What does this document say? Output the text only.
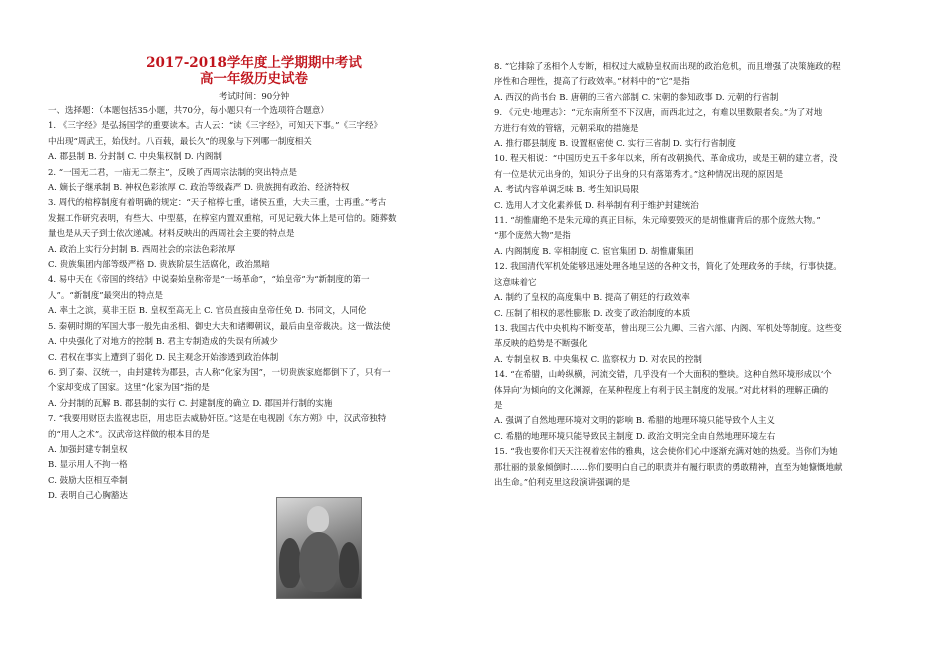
2017-2018学年度上学期期中考试
高一年级历史试卷
考试时间：90分钟

一、选择题：（本题包括35小题，共70分，每小题只有一个选项符合题意）

1. 《三字经》是弘扬国学的重要读本。古人云：“读《三字经》，可知天下事。”《三字经》

中出现“周武王，始伐纣。八百载，最长久”的现象与下列哪一制度相关

A. 郡县制 B. 分封制 C. 中央集权制 D. 内阁制

2. “一国无二君，一庙无二祭主”，反映了西周宗法制的突出特点是

A. 嫡长子继承制 B. 神权色彩浓厚 C. 政治等级森严 D. 贵族拥有政治、经济特权

3. 周代的棺椁制度有着明确的规定：“天子棺椁七重，诸侯五重，大夫三重，士再重。”考古

发掘工作研究表明，有些大、中型墓，在椁室内置双重棺，可见记载大体上是可信的。随葬数

量也是从天子到士依次递减。材料反映出的西周社会主要的特点是

A. 政治上实行分封制 B. 西周社会的宗法色彩浓厚

C. 贵族集团内部等级严格 D. 贵族阶层生活腐化，政治黑暗

4. 易中天在《帝国的终结》中说秦始皇称帝是“一场革命”，“始皇帝”为“新制度的第一

人”。“新制度”最突出的特点是

A. 率土之滨，莫非王臣 B. 皇权至高无上 C. 官员直接由皇帝任免 D. 书同文，人同伦

5. 秦朝时期的军国大事一般先由丞相、御史大夫和诸卿朝议，最后由皇帝裁决。这一做法使

A. 中央强化了对地方的控制 B. 君主专制造成的失误有所减少

C. 君权在事实上遭到了弱化 D. 民主观念开始渗透到政治体制

6. 到了秦、汉统一，由封建转为郡县，古人称“化家为国”，一切贵族家庭都倒下了，只有一

个家却变成了国家。这里“化家为国”指的是

A. 分封制的瓦解 B. 郡县制的实行 C. 封建制度的确立 D. 郡国并行制的实施

7. “我要用财臣去监视忠臣，用忠臣去威胁奸臣。”这是在电视剧《东方朔》中，汉武帝独特

的“用人之术”。汉武帝这样做的根本目的是

A. 加强封建专制皇权

B. 显示用人不拘一格

C. 鼓励大臣相互牵制

D. 表明自己心胸豁达

8. “它排除了丞相个人专断，相权过大威胁皇权而出现的政治危机，而且增强了决策施政的程

序性和合理性，提高了行政效率。”材料中的“它”是指

A. 西汉的尚书台 B. 唐朝的三省六部制 C. 宋朝的参知政事 D. 元朝的行省制

9. 《元史·地理志》：“元东南所至不下汉唐，而西北过之，有难以里数限者矣。”为了对地

方进行有效的管辖，元朝采取的措施是

A. 推行郡县制度 B. 设置枢密使 C. 实行三省制 D. 实行行省制度

10. 程天相说：“中国历史五千多年以来，所有改朝换代、革命成功，或是王朝的建立者，没

有一位是状元出身的，知识分子出身的只有落第秀才。”这种情况出现的原因是

A. 考试内容单调乏味 B. 考生知识局限

C. 选用人才文化素养低 D. 科举制有利于维护封建统治

11. “胡惟庸绝不是朱元璋的真正目标，朱元璋要毁灭的是胡惟庸背后的那个庞然大物。”

“那个庞然大物”是指

A. 内阁制度 B. 宰相制度 C. 宦官集团 D. 胡惟庸集团

12. 我国清代军机处能够迅速处理各地呈送的各种文书，简化了处理政务的手续，行事快捷。

这意味着它

A. 制约了皇权的高度集中 B. 提高了朝廷的行政效率

C. 压制了相权的恶性膨胀 D. 改变了政治制度的本质

13. 我国古代中央机构不断变革，曾出现三公九卿、三省六部、内阁、军机处等制度。这些变

革反映的趋势是不断强化

A. 专制皇权 B. 中央集权 C. 监察权力 D. 对农民的控制

14. “在希腊，山岭纵横，河流交错，几乎没有一个大面积的整块。这种自然环境形成以‘个

体异向’为倾向的文化渊源，在某种程度上有利于民主制度的发展。”对此材料的理解正确的

是

A. 强调了自然地理环境对文明的影响 B. 希腊的地理环境只能导致个人主义

C. 希腊的地理环境只能导致民主制度 D. 政治文明完全由自然地理环境左右

15. “我也要你们天天注视着宏伟的雅典，这会使你们心中逐渐充满对她的热爱。当你们为她

那壮丽的景象倾倒时……你们要明白自己的职责并有履行职责的勇敢精神，直至为她慷慨地献

出生命。”伯利克里这段演讲强调的是
